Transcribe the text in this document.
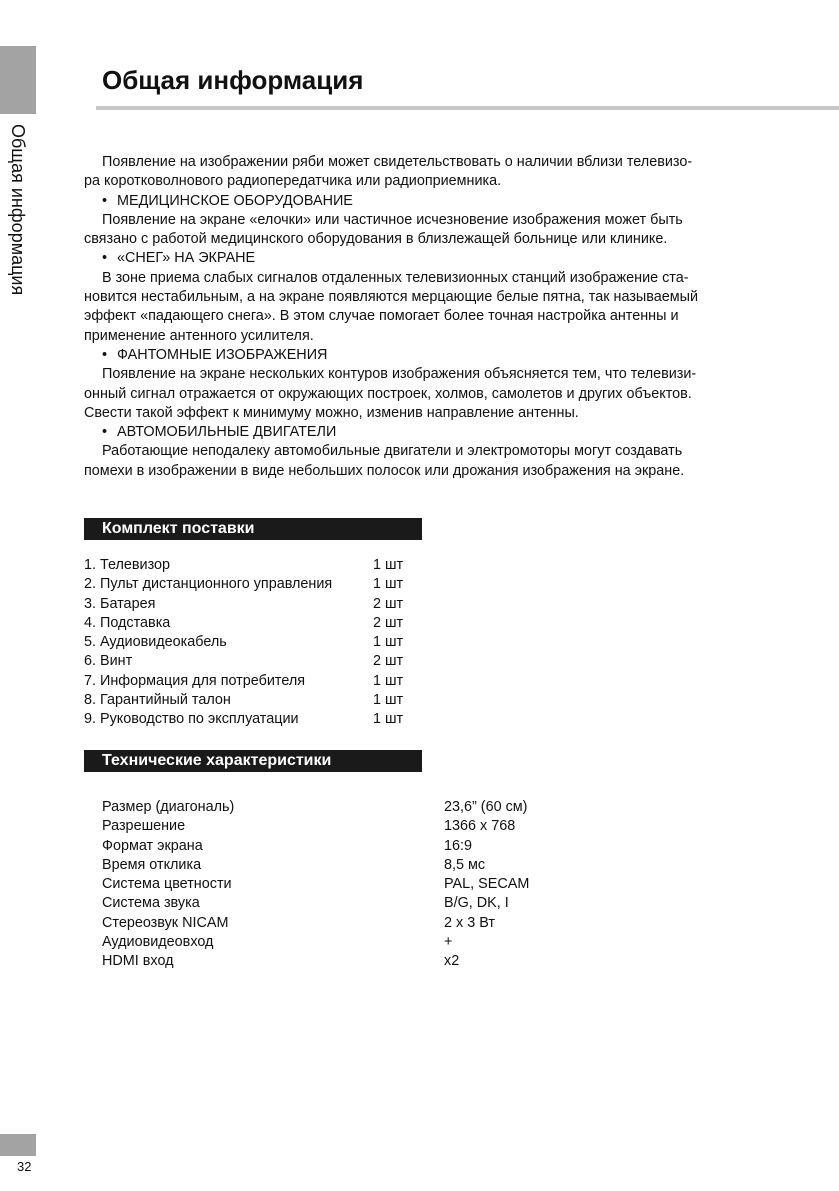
Общая информация
Общая информация
Появление на изображении ряби может свидетельствовать о наличии вблизи телевизо-
ра коротковолнового радиопередатчика или радиоприемника.
• МЕДИЦИНСКОЕ ОБОРУДОВАНИЕ
Появление на экране «елочки» или частичное исчезновение изображения может быть
связано с работой медицинского оборудования в близлежащей больнице или клинике.
• «СНЕГ» НА ЭКРАНЕ
В зоне приема слабых сигналов отдаленных телевизионных станций изображение ста-
новится нестабильным, а на экране появляются мерцающие белые пятна, так называемый
эффект «падающего снега». В этом случае помогает более точная настройка антенны и
применение антенного усилителя.
• ФАНТОМНЫЕ ИЗОБРАЖЕНИЯ
Появление на экране нескольких контуров изображения объясняется тем, что телевизи-
онный сигнал отражается от окружающих построек, холмов, самолетов и других объектов.
Свести такой эффект к минимуму можно, изменив направление антенны.
• АВТОМОБИЛЬНЫЕ ДВИГАТЕЛИ
Работающие неподалеку автомобильные двигатели и электромоторы могут создавать
помехи в изображении в виде небольших полосок или дрожания изображения на экране.
Комплект поставки
1. Телевизор	1 шт
2. Пульт дистанционного управления	1 шт
3. Батарея	2 шт
4. Подставка	2 шт
5. Аудиовидеокабель	1 шт
6. Винт	2 шт
7. Информация для потребителя	1 шт
8. Гарантийный талон	1 шт
9. Руководство по эксплуатации	1 шт
Технические характеристики
Размер (диагональ)	23,6” (60 см)
Разрешение	1366 х 768
Формат экрана	16:9
Время отклика	8,5 мс
Система цветности	PAL, SECAM
Система звука	B/G, DK, I
Стереозвук NICAM	2 х 3 Вт
Аудиовидеовход	+
HDMI вход	х2
32
